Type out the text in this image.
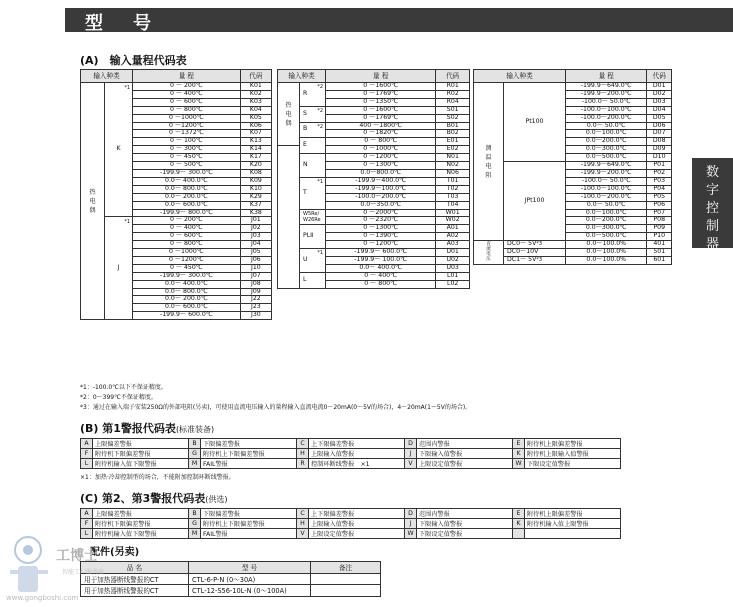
型　号
数
字
控
制
器
(A)　输入量程代码表
输入种类		量 程	代码
热
电
偶	K
*1	0 ～ 200℃	K01
		0 ～ 400℃	K02
		0 ～ 600℃	K03
		0 ～ 800℃	K04
		0 ～1000℃	K05
		0 ～1200℃	K06
		0 ～1372℃	K07
		0 ～ 100℃	K13
		0 ～ 300℃	K14
		0 ～ 450℃	K17
		0 ～ 500℃	K20
		-199.9～ 300.0℃	K08
		0.0～ 400.0℃	K09
		0.0～ 800.0℃	K10
		0.0～ 200.0℃	K29
		0.0～ 600.0℃	K37
		-199.9～ 800.0℃	K38
	J
*1	0 ～ 200℃	J01
		0 ～ 400℃	J02
		0 ～ 600℃	J03
		0 ～ 800℃	J04
		0 ～1000℃	J05
		0 ～1200℃	J06
		0 ～ 450℃	J10
		-199.9～ 300.0℃	J07
		0.0～ 400.0℃	J08
		0.0～ 800.0℃	J09
		0.0～ 200.0℃	J22
		0.0～ 600.0℃	J23
		-199.9～ 600.0℃	J30
输入种类		量 程	代码
热
电
偶	R
*2	0 ～1600℃	R01
		0 ～1769℃	R02
		0 ～1350℃	R04
	S *2	0 ～1600℃	S01
		0 ～1769℃	S02
	B *2	400 ～1800℃	B01
		0 ～1820℃	B02
	E	0 ～ 800℃	E01
		0 ～1000℃	E02
	N	0 ～1200℃	N01
		0 ～1300℃	N02
		0.0～800.0℃	N06
	T
*1	-199.9～400.0℃	T01
		-199.9～100.0℃	T02
		-100.0～200.0℃	T03
		0.0～350.0℃	T04
	W5Re/
W26Re	0 ～2000℃	W01
		0 ～2320℃	W02
	PLⅡ	0 ～1300℃	A01
		0 ～1390℃	A02
		0 ～1200℃	A03
	U
*1	-199.9～ 600.0℃	U01
		-199.9～ 100.0℃	U02
		0.0～ 400.0℃	U03
	L	0 ～ 400℃	L01
		0 ～ 800℃	L02
输入种类		量 程	代码
测
温
电
阻	Pt100	-199.9～649.0℃	D01
		-199.9～200.0℃	D02
		-100.0～ 50.0℃	D03
		-100.0～100.0℃	D04
		-100.0～200.0℃	D05
		0.0～ 50.0℃	D06
		0.0～100.0℃	D07
		0.0～200.0℃	D08
		0.0～300.0℃	D09
		0.0～500.0℃	D10
	JPt100	-199.9～649.0℃	P01
		-199.9～200.0℃	P02
		-100.0～ 50.0℃	P03
		-100.0～100.0℃	P04
		-100.0～200.0℃	P05
		0.0～ 50.0℃	P06
		0.0～100.0℃	P07
		0.0～200.0℃	P08
		0.0～300.0℃	P09
		0.0～500.0℃	P10
直
流
电
压	DC0～ $5V^{*3}$	0.0～100.0%	401
	DC0～10V	0.0～100.0%	501
	DC1～ $5V^{*3}$	0.0～100.0%	601
*1：-100.0℃以下不保证精度。
*2：0～399℃不保证精度。
*3：通过在输入端子安装250Ω的外部电阻(另卖)，可使用直流电压输入的量程输入直流电流0～20mA(0～5V的场合)，4～20mA(1～5V的场合)。
(B) 第1警报代码表(标准装备)
A	上限偏差警报	B	下限偏差警报	C	上下限偏差警报	D	范围内警报	E	附待机上限偏差警报
F	附待机下限偏差警报	G	附待机上下限偏差警报	H	上限输入值警报	J	下限输入值警报	K	附待机上限输入值警报
L	附待机输入值下限警报	M	FAIL警报	R	控制环断线警报　×1	V	上限设定值警报	W	下限设定值警报
×1：加热·冷却控制型的场合，不能附加控制环断线警报。
(C) 第2、第3警报代码表(供选)
A	上限偏差警报	B	下限偏差警报	C	上下限偏差警报	D	范围内警报	E	附待机上限偏差警报
F	附待机下限偏差警报	G	附待机上下限偏差警报	H	上限输入值警报	J	下限输入值警报	K	附待机输入值上限警报
L	附待机输入值下限警报	M	FAIL警报	V	上限设定值警报	W	下限设定值警报		
配件(另卖)
品 名	型 号	备注
用于加热器断线警报的CT	CTL-6-P-N (0～30A)	
用于加热器断线警报的CT	CTL-12-S56-10L-N (0～100A)	
工博士
智能工厂服务商
www.gongboshi.com
